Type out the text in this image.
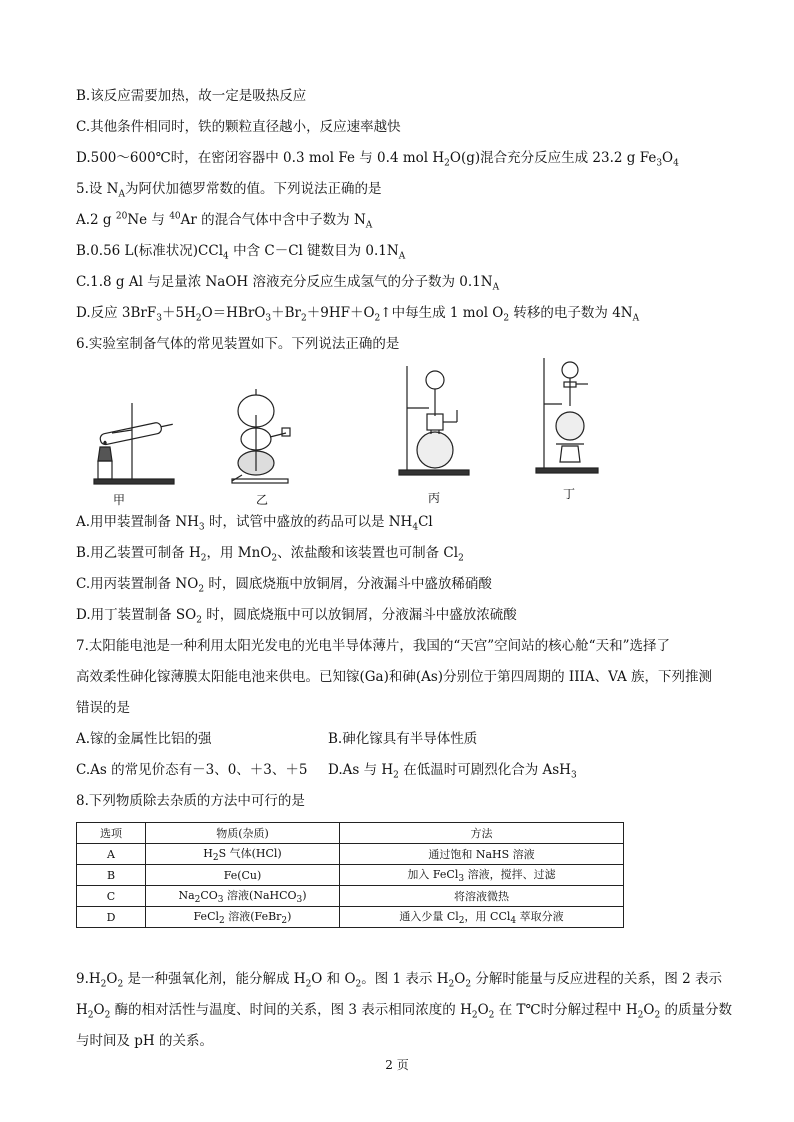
B.该反应需要加热，故一定是吸热反应
C.其他条件相同时，铁的颗粒直径越小，反应速率越快
D.500～600℃时，在密闭容器中 0.3 mol Fe 与 0.4 mol $H_2O(g)$混合充分反应生成 23.2 g $Fe_3O_4$
5.设 $N_A$为阿伏加德罗常数的值。下列说法正确的是
A.2 g $^{20}$Ne 与 $^{40}$Ar 的混合气体中含中子数为 $N_A$
B.0.56 L(标准状况)CCl$_4$ 中含 C－Cl 键数目为 $0.1N_A$
C.1.8 g Al 与足量浓 NaOH 溶液充分反应生成氢气的分子数为 $0.1N_A$
D.反应 $3BrF_3+5H_2O=HBrO_3+Br_2+9HF+O_2↑$中每生成 1 mol $O_2$ 转移的电子数为 $4N_A$
6.实验室制备气体的常见装置如下。下列说法正确的是
甲	乙	丙	丁
A.用甲装置制备 $NH_3$ 时，试管中盛放的药品可以是 $NH_4Cl$
B.用乙装置可制备 $H_2$，用 MnO$_2$、浓盐酸和该装置也可制备 $Cl_2$
C.用丙装置制备 $NO_2$ 时，圆底烧瓶中放铜屑，分液漏斗中盛放稀硝酸
D.用丁装置制备 $SO_2$ 时，圆底烧瓶中可以放铜屑，分液漏斗中盛放浓硫酸
7.太阳能电池是一种利用太阳光发电的光电半导体薄片，我国的“天宫”空间站的核心舱“天和”选择了
高效柔性砷化镓薄膜太阳能电池来供电。已知镓(Ga)和砷(As)分别位于第四周期的 IIIA、VA 族，下列推测
错误的是
A.镓的金属性比铝的强	B.砷化镓具有半导体性质
C.As 的常见价态有－3、0、＋3、＋5 D.As 与 $H_2$ 在低温时可剧烈化合为 AsH$_3$
8.下列物质除去杂质的方法中可行的是
选项	物质(杂质)	方法
A	$H_2S$ 气体(HCl)	通过饱和 NaHS 溶液
B	Fe(Cu)	加入 FeCl$_3$ 溶液，搅拌、过滤
C	$Na_2CO_3$ 溶液(NaHCO$_3$)	将溶液微热
D	FeCl$_2$ 溶液(FeBr$_2$)	通入少量 $Cl_2$，用 CCl$_4$ 萃取分液
$9.H_2O_2$ 是一种强氧化剂，能分解成 $H_2O$ 和 $O_2$。图 1 表示 $H_2O_2$ 分解时能量与反应进程的关系，图 2 表示
$H_2O_2$ 酶的相对活性与温度、时间的关系，图 3 表示相同浓度的 $H_2O_2$ 在 T℃时分解过程中 $H_2O_2$ 的质量分数
与时间及 pH 的关系。
2 页
